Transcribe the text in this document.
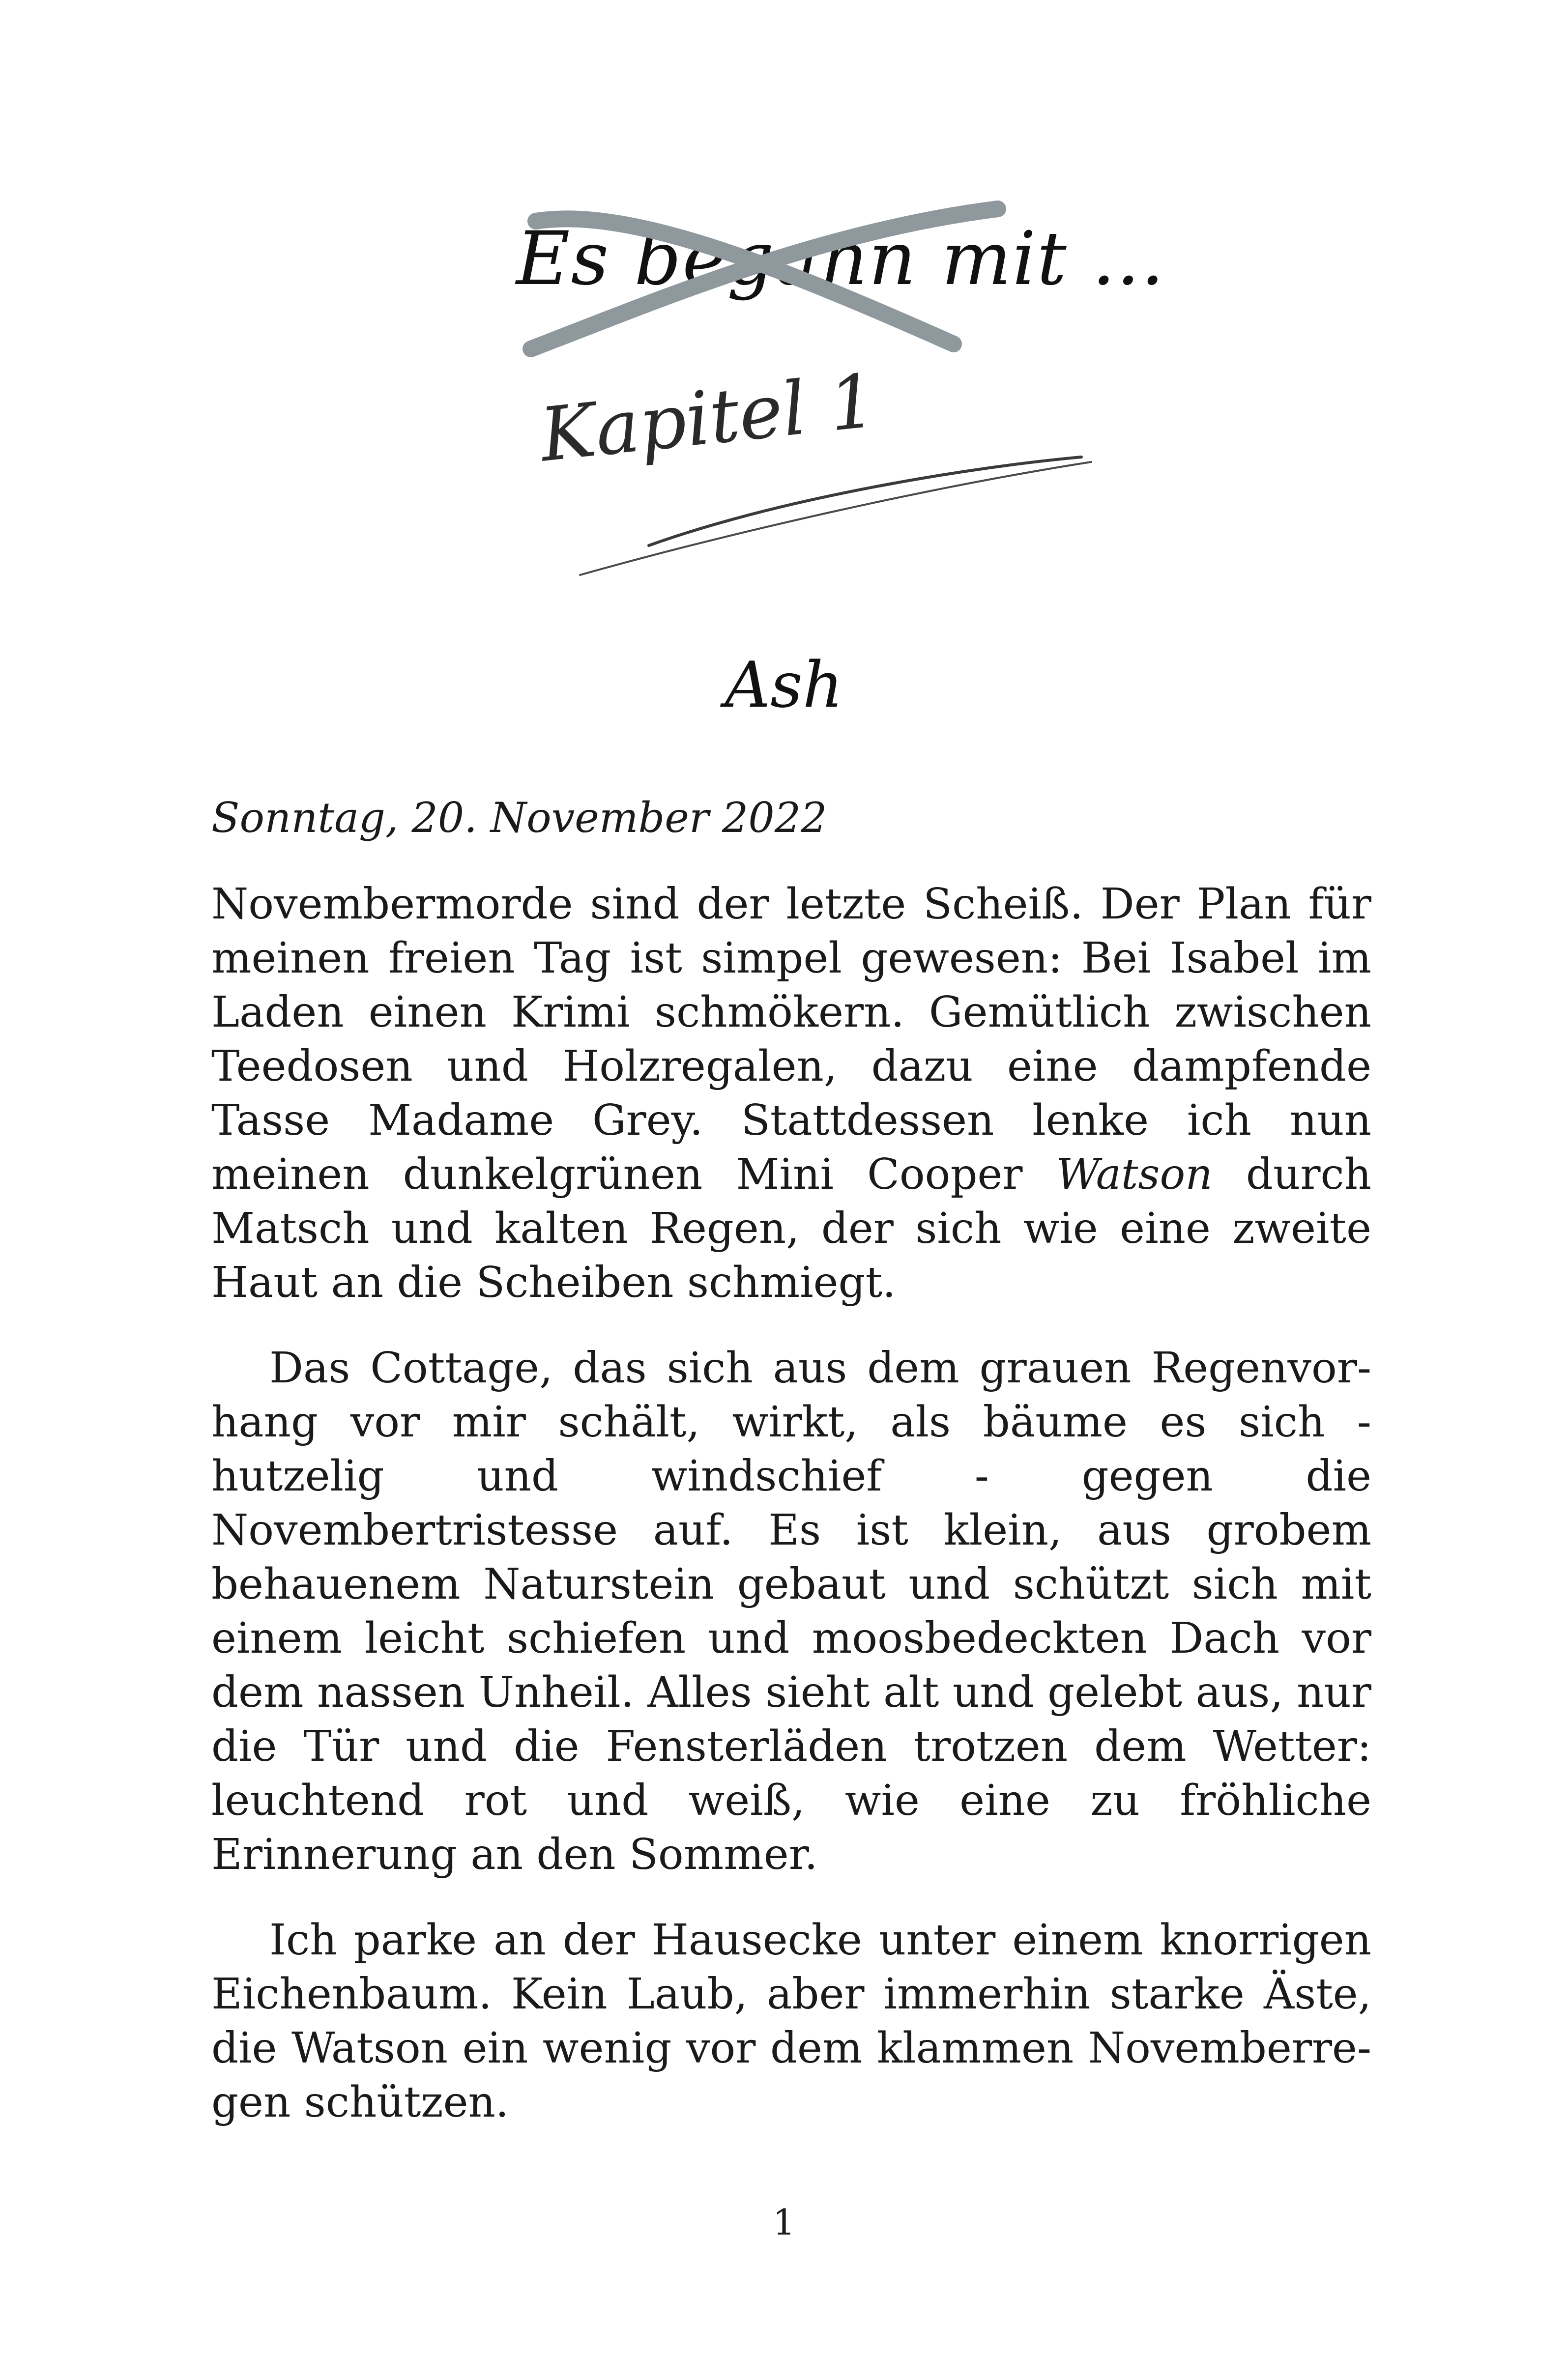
Es begann mit ...
Kapitel 1
Ash
Sonntag, 20. November 2022

Novembermorde sind der letzte Scheiß. Der Plan für meinen freien Tag ist simpel gewesen: Bei Isabel im Laden einen Krimi schmökern. Gemütlich zwischen Teedosen und Holzregalen, dazu eine dampfende Tasse Madame Grey. Stattdessen lenke ich nun meinen dunkelgrünen Mini Cooper Watson durch Matsch und kalten Regen, der sich wie eine zweite Haut an die Scheiben schmiegt.

Das Cottage, das sich aus dem grauen Regenvorhang vor mir schält, wirkt, als bäume es sich - hutzelig und windschief - gegen die Novembertristesse auf. Es ist klein, aus grobem behauenem Naturstein gebaut und schützt sich mit einem leicht schiefen und moosbedeckten Dach vor dem nassen Unheil. Alles sieht alt und gelebt aus, nur die Tür und die Fensterläden trotzen dem Wetter: leuchtend rot und weiß, wie eine zu fröhliche Erinnerung an den Sommer.

Ich parke an der Hausecke unter einem knorrigen Eichenbaum. Kein Laub, aber immerhin starke Äste, die Watson ein wenig vor dem klammen Novemberregen schützen.

1
